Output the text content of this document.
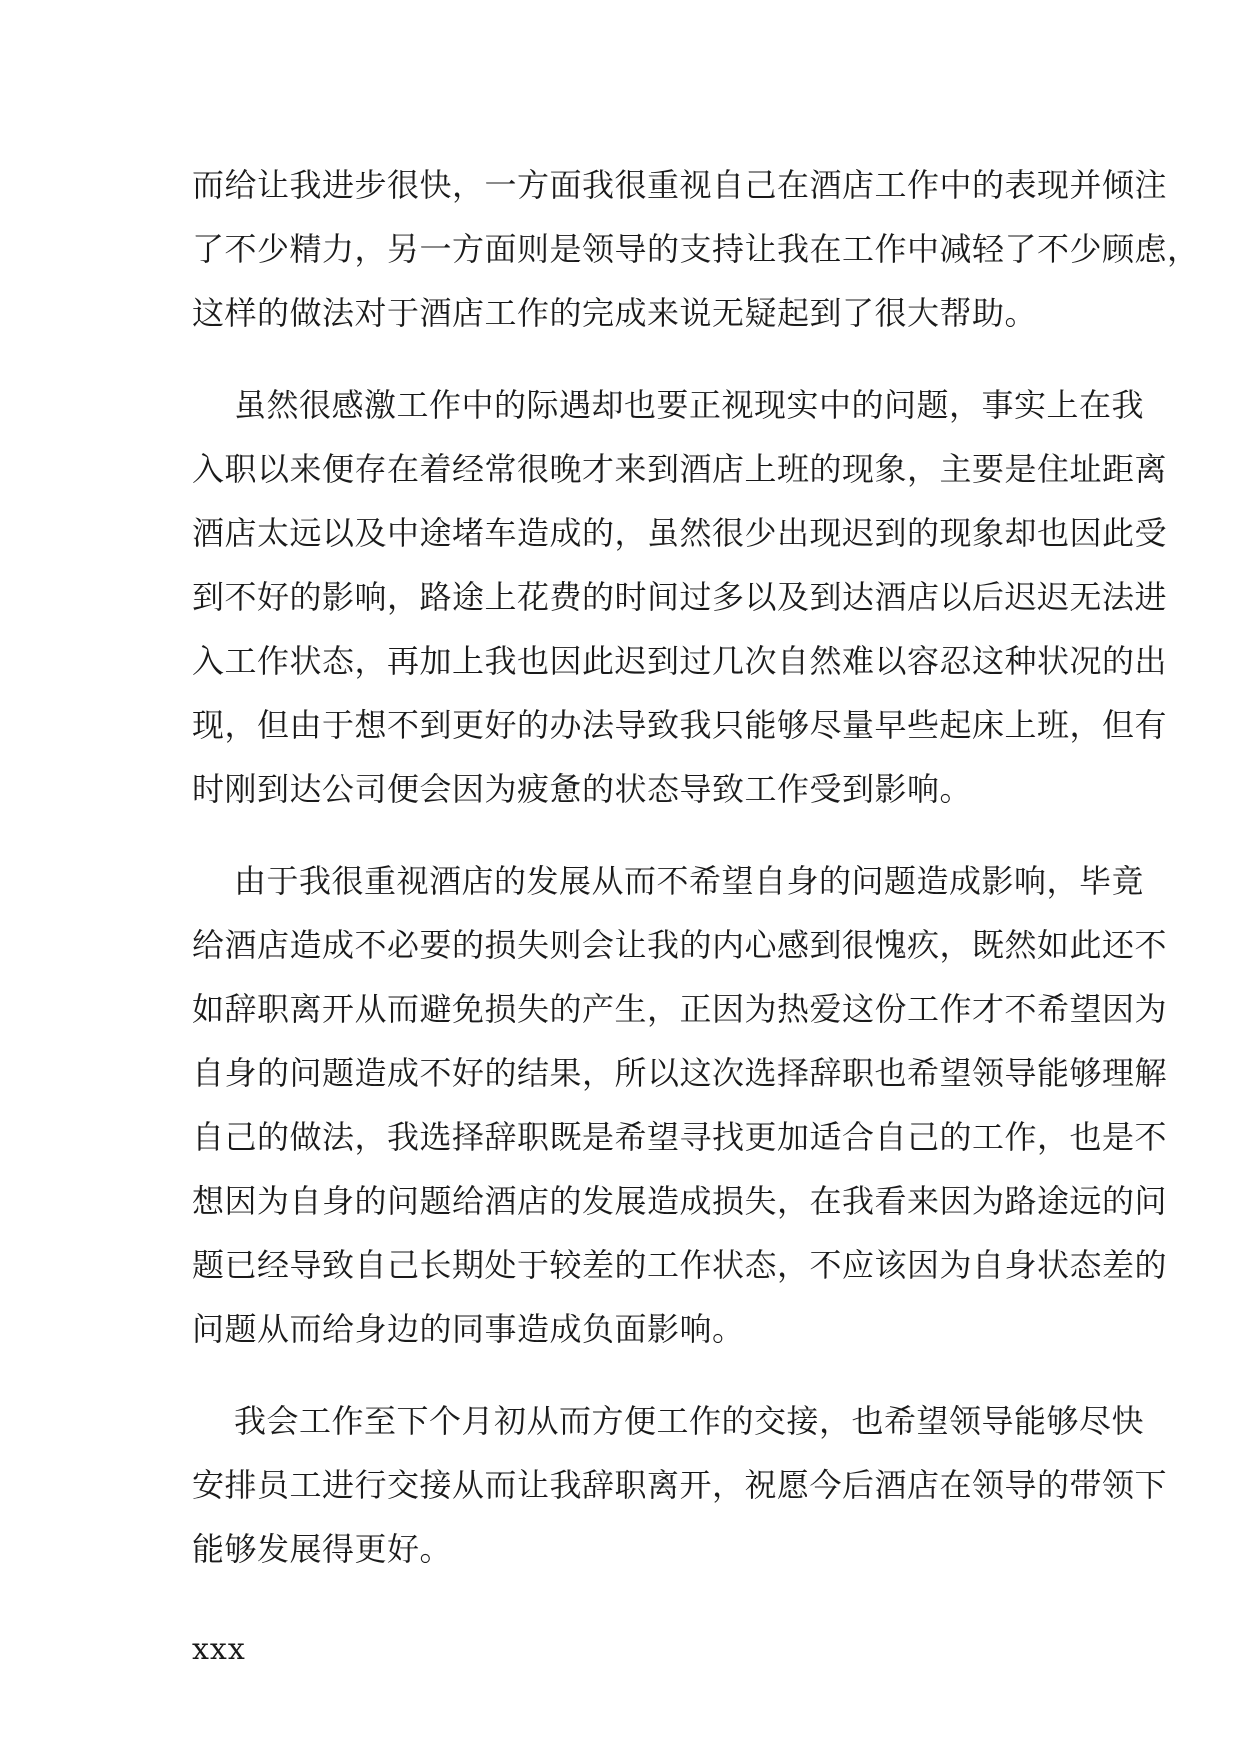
而给让我进步很快，一方面我很重视自己在酒店工作中的表现并倾注
了不少精力，另一方面则是领导的支持让我在工作中减轻了不少顾虑，
这样的做法对于酒店工作的完成来说无疑起到了很大帮助。
虽然很感激工作中的际遇却也要正视现实中的问题，事实上在我
入职以来便存在着经常很晚才来到酒店上班的现象，主要是住址距离
酒店太远以及中途堵车造成的，虽然很少出现迟到的现象却也因此受
到不好的影响，路途上花费的时间过多以及到达酒店以后迟迟无法进
入工作状态，再加上我也因此迟到过几次自然难以容忍这种状况的出
现，但由于想不到更好的办法导致我只能够尽量早些起床上班，但有
时刚到达公司便会因为疲惫的状态导致工作受到影响。
由于我很重视酒店的发展从而不希望自身的问题造成影响，毕竟
给酒店造成不必要的损失则会让我的内心感到很愧疚，既然如此还不
如辞职离开从而避免损失的产生，正因为热爱这份工作才不希望因为
自身的问题造成不好的结果，所以这次选择辞职也希望领导能够理解
自己的做法，我选择辞职既是希望寻找更加适合自己的工作，也是不
想因为自身的问题给酒店的发展造成损失，在我看来因为路途远的问
题已经导致自己长期处于较差的工作状态，不应该因为自身状态差的
问题从而给身边的同事造成负面影响。
我会工作至下个月初从而方便工作的交接，也希望领导能够尽快
安排员工进行交接从而让我辞职离开，祝愿今后酒店在领导的带领下
能够发展得更好。
xxx
